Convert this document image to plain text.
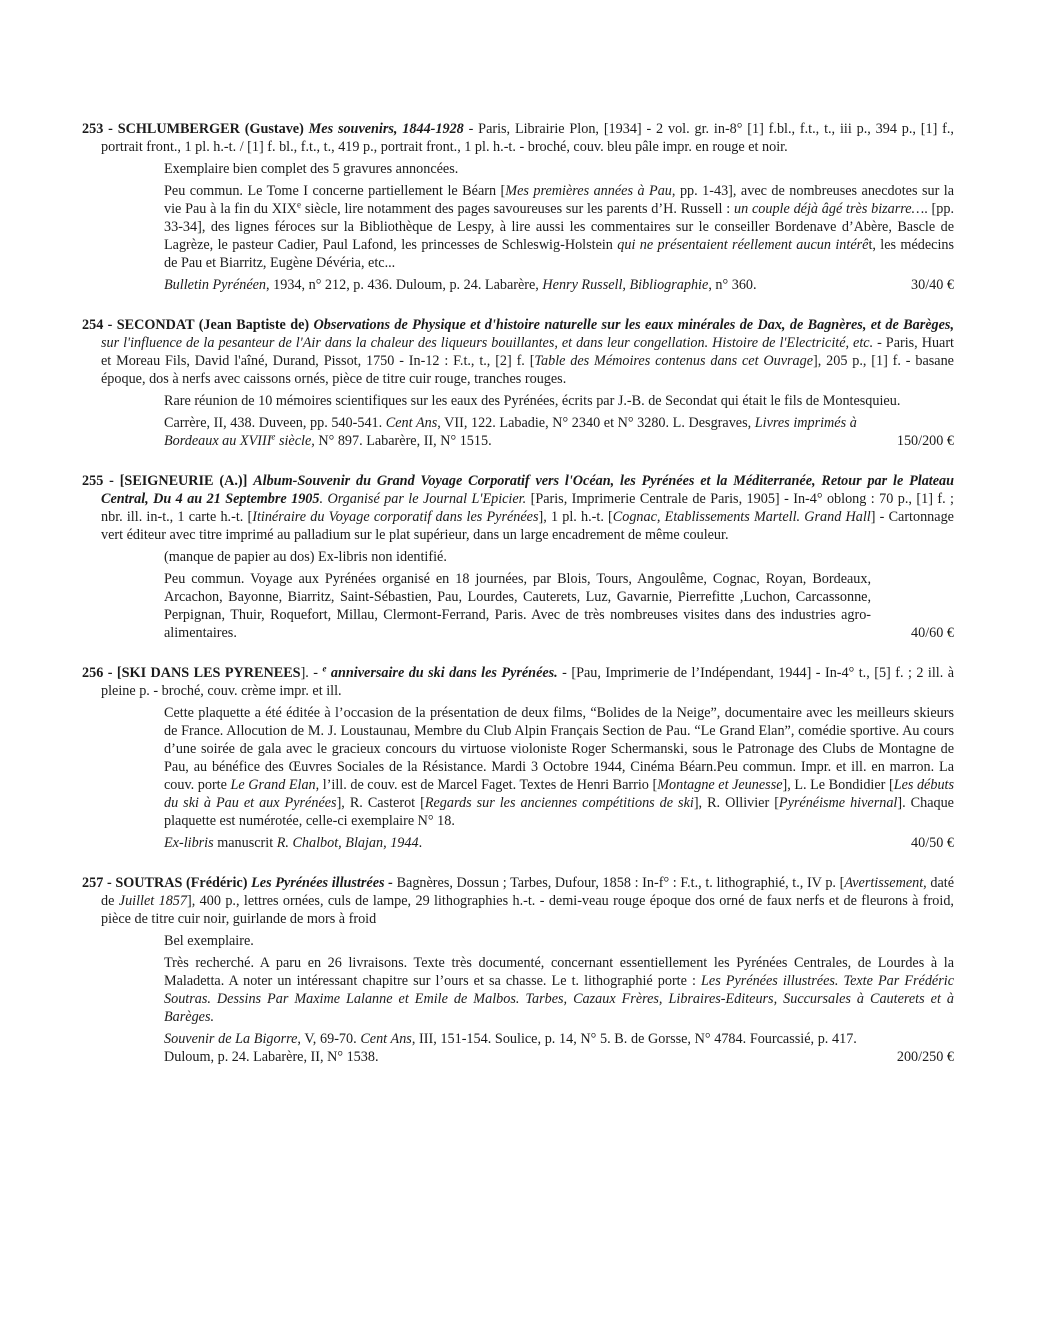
253 - SCHLUMBERGER (Gustave) Mes souvenirs, 1844-1928 - Paris, Librairie Plon, [1934] - 2 vol. gr. in-8° [1] f.bl., f.t., t., iii p., 394 p., [1] f., portrait front., 1 pl. h.-t. / [1] f. bl., f.t., t., 419 p., portrait front., 1 pl. h.-t. - broché, couv. bleu pâle impr. en rouge et noir.
Exemplaire bien complet des 5 gravures annoncées.
Peu commun. Le Tome I concerne partiellement le Béarn [Mes premières années à Pau, pp. 1-43], avec de nombreuses anecdotes sur la vie Pau à la fin du XIXe siècle, lire notamment des pages savoureuses sur les parents d’H. Russell : un couple déjà âgé très bizarre…. [pp. 33-34], des lignes féroces sur la Bibliothèque de Lespy, à lire aussi les commentaires sur le conseiller Bordenave d’Abère, Bascle de Lagrèze, le pasteur Cadier, Paul Lafond, les princesses de Schleswig-Holstein qui ne présentaient réellement aucun intérêt, les médecins de Pau et Biarritz, Eugène Dévéria, etc...
Bulletin Pyrénéen, 1934, n° 212, p. 436. Duloum, p. 24. Labarère, Henry Russell, Bibliographie, n° 360.	30/40 €
254 - SECONDAT (Jean Baptiste de) Observations de Physique et d'histoire naturelle sur les eaux minérales de Dax, de Bagnères, et de Barèges, sur l'influence de la pesanteur de l'Air dans la chaleur des liqueurs bouillantes, et dans leur congellation. Histoire de l'Electricité, etc. - Paris, Huart et Moreau Fils, David l'aîné, Durand, Pissot, 1750 - In-12 : F.t., t., [2] f. [Table des Mémoires contenus dans cet Ouvrage], 205 p., [1] f. - basane époque, dos à nerfs avec caissons ornés, pièce de titre cuir rouge, tranches rouges.
Rare réunion de 10 mémoires scientifiques sur les eaux des Pyrénées, écrits par J.-B. de Secondat qui était le fils de Montesquieu.
Carrère, II, 438. Duveen, pp. 540-541. Cent Ans, VII, 122. Labadie, N° 2340 et N° 3280. L. Desgraves, Livres imprimés à Bordeaux au XVIIIe siècle, N° 897. Labarère, II, N° 1515.	150/200 €
255 - [SEIGNEURIE (A.)] Album-Souvenir du Grand Voyage Corporatif vers l'Océan, les Pyrénées et la Méditerranée, Retour par le Plateau Central, Du 4 au 21 Septembre 1905. Organisé par le Journal L'Epicier. [Paris, Imprimerie Centrale de Paris, 1905] - In-4° oblong : 70 p., [1] f. ; nbr. ill. in-t., 1 carte h.-t. [Itinéraire du Voyage corporatif dans les Pyrénées], 1 pl. h.-t. [Cognac, Etablissements Martell. Grand Hall] - Cartonnage vert éditeur avec titre imprimé au palladium sur le plat supérieur, dans un large encadrement de même couleur.
(manque de papier au dos) Ex-libris non identifié.
Peu commun. Voyage aux Pyrénées organisé en 18 journées, par Blois, Tours, Angoulême, Cognac, Royan, Bordeaux, Arcachon, Bayonne, Biarritz, Saint-Sébastien, Pau, Lourdes, Cauterets, Luz, Gavarnie, Pierrefitte ,Luchon, Carcassonne, Perpignan, Thuir, Roquefort, Millau, Clermont-Ferrand, Paris. Avec de très nombreuses visites dans des industries agro-alimentaires.	40/60 €
256 - [SKI DANS LES PYRENEES]. - $^e$ anniversaire du ski dans les Pyrénées. - [Pau, Imprimerie de l’Indépendant, 1944] - In-4° t., [5] f. ; 2 ill. à pleine p. - broché, couv. crème impr. et ill.
Cette plaquette a été éditée à l’occasion de la présentation de deux films, “Bolides de la Neige”, documentaire avec les meilleurs skieurs de France. Allocution de M. J. Loustaunau, Membre du Club Alpin Français Section de Pau. “Le Grand Elan”, comédie sportive. Au cours d’une soirée de gala avec le gracieux concours du virtuose violoniste Roger Schermanski, sous le Patronage des Clubs de Montagne de Pau, au bénéfice des Œuvres Sociales de la Résistance. Mardi 3 Octobre 1944, Cinéma Béarn.Peu commun. Impr. et ill. en marron. La couv. porte Le Grand Elan, l’ill. de couv. est de Marcel Faget. Textes de Henri Barrio [Montagne et Jeunesse], L. Le Bondidier [Les débuts du ski à Pau et aux Pyrénées], R. Casterot [Regards sur les anciennes compétitions de ski], R. Ollivier [Pyrénéisme hivernal]. Chaque plaquette est numérotée, celle-ci exemplaire N° 18.
Ex-libris manuscrit R. Chalbot, Blajan, 1944.	40/50 €
257 - SOUTRAS (Frédéric) Les Pyrénées illustrées - Bagnères, Dossun ; Tarbes, Dufour, 1858 : In-f° : F.t., t. lithographié, t., IV p. [Avertissement, daté de Juillet 1857], 400 p., lettres ornées, culs de lampe, 29 lithographies h.-t. - demi-veau rouge époque dos orné de faux nerfs et de fleurons à froid, pièce de titre cuir noir, guirlande de mors à froid
Bel exemplaire.
Très recherché. A paru en 26 livraisons. Texte très documenté, concernant essentiellement les Pyrénées Centrales, de Lourdes à la Maladetta. A noter un intéressant chapitre sur l’ours et sa chasse. Le t. lithographié porte : Les Pyrénées illustrées. Texte Par Frédéric Soutras. Dessins Par Maxime Lalanne et Emile de Malbos. Tarbes, Cazaux Frères, Libraires-Editeurs, Succursales à Cauterets et à Barèges.
Souvenir de La Bigorre, V, 69-70. Cent Ans, III, 151-154. Soulice, p. 14, N° 5. B. de Gorsse, N° 4784. Fourcassié, p. 417. Duloum, p. 24. Labarère, II, N° 1538.	200/250 €
